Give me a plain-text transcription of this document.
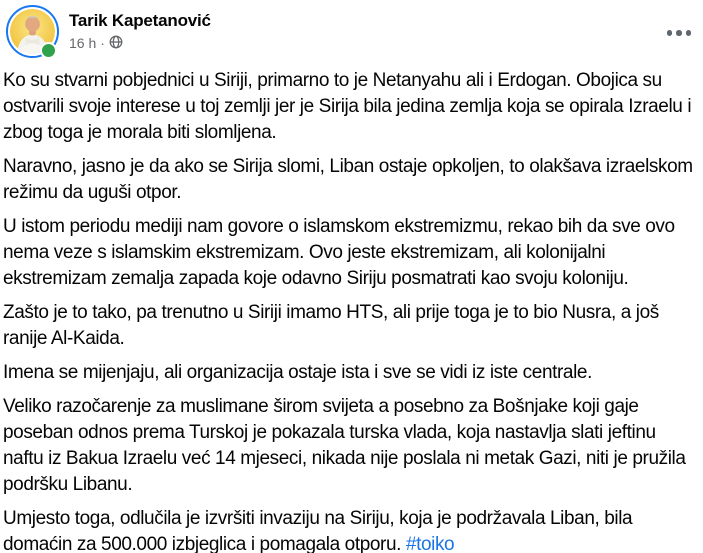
Tarik Kapetanović
16 h ·

Ko su stvarni pobjednici u Siriji, primarno to je Netanyahu ali i Erdogan. Obojica su ostvarili svoje interese u toj zemlji jer je Sirija bila jedina zemlja koja se opirala Izraelu i zbog toga je morala biti slomljena.

Naravno, jasno je da ako se Sirija slomi, Liban ostaje opkoljen, to olakšava izraelskom režimu da uguši otpor.

U istom periodu mediji nam govore o islamskom ekstremizmu, rekao bih da sve ovo nema veze s islamskim ekstremizam. Ovo jeste ekstremizam, ali kolonijalni ekstremizam zemalja zapada koje odavno Siriju posmatrati kao svoju koloniju.

Zašto je to tako, pa trenutno u Siriji imamo HTS, ali prije toga je to bio Nusra, a još ranije Al-Kaida.

Imena se mijenjaju, ali organizacija ostaje ista i sve se vidi iz iste centrale.

Veliko razočarenje za muslimane širom svijeta a posebno za Bošnjake koji gaje poseban odnos prema Turskoj je pokazala turska vlada, koja nastavlja slati jeftinu naftu iz Bakua Izraelu već 14 mjeseci, nikada nije poslala ni metak Gazi, niti je pružila podršku Libanu.

Umjesto toga, odlučila je izvršiti invaziju na Siriju, koja je podržavala Liban, bila domaćin za 500.000 izbjeglica i pomagala otporu. #toiko
